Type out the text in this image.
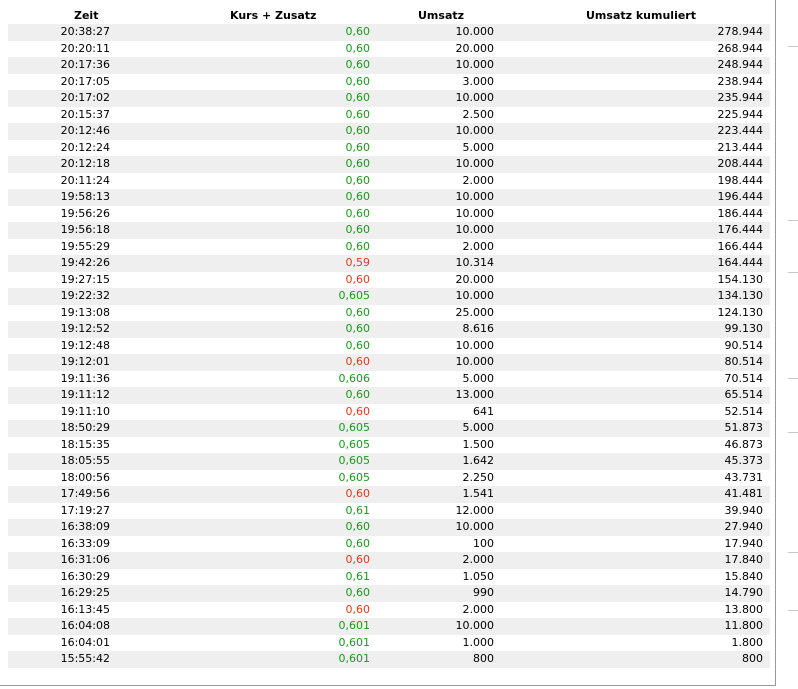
Zeit	Kurs + Zusatz	Umsatz	Umsatz kumuliert
20:38:27	0,60	10.000	278.944
20:20:11	0,60	20.000	268.944
20:17:36	0,60	10.000	248.944
20:17:05	0,60	3.000	238.944
20:17:02	0,60	10.000	235.944
20:15:37	0,60	2.500	225.944
20:12:46	0,60	10.000	223.444
20:12:24	0,60	5.000	213.444
20:12:18	0,60	10.000	208.444
20:11:24	0,60	2.000	198.444
19:58:13	0,60	10.000	196.444
19:56:26	0,60	10.000	186.444
19:56:18	0,60	10.000	176.444
19:55:29	0,60	2.000	166.444
19:42:26	0,59	10.314	164.444
19:27:15	0,60	20.000	154.130
19:22:32	0,605	10.000	134.130
19:13:08	0,60	25.000	124.130
19:12:52	0,60	8.616	99.130
19:12:48	0,60	10.000	90.514
19:12:01	0,60	10.000	80.514
19:11:36	0,606	5.000	70.514
19:11:12	0,60	13.000	65.514
19:11:10	0,60	641	52.514
18:50:29	0,605	5.000	51.873
18:15:35	0,605	1.500	46.873
18:05:55	0,605	1.642	45.373
18:00:56	0,605	2.250	43.731
17:49:56	0,60	1.541	41.481
17:19:27	0,61	12.000	39.940
16:38:09	0,60	10.000	27.940
16:33:09	0,60	100	17.940
16:31:06	0,60	2.000	17.840
16:30:29	0,61	1.050	15.840
16:29:25	0,60	990	14.790
16:13:45	0,60	2.000	13.800
16:04:08	0,601	10.000	11.800
16:04:01	0,601	1.000	1.800
15:55:42	0,601	800	800
